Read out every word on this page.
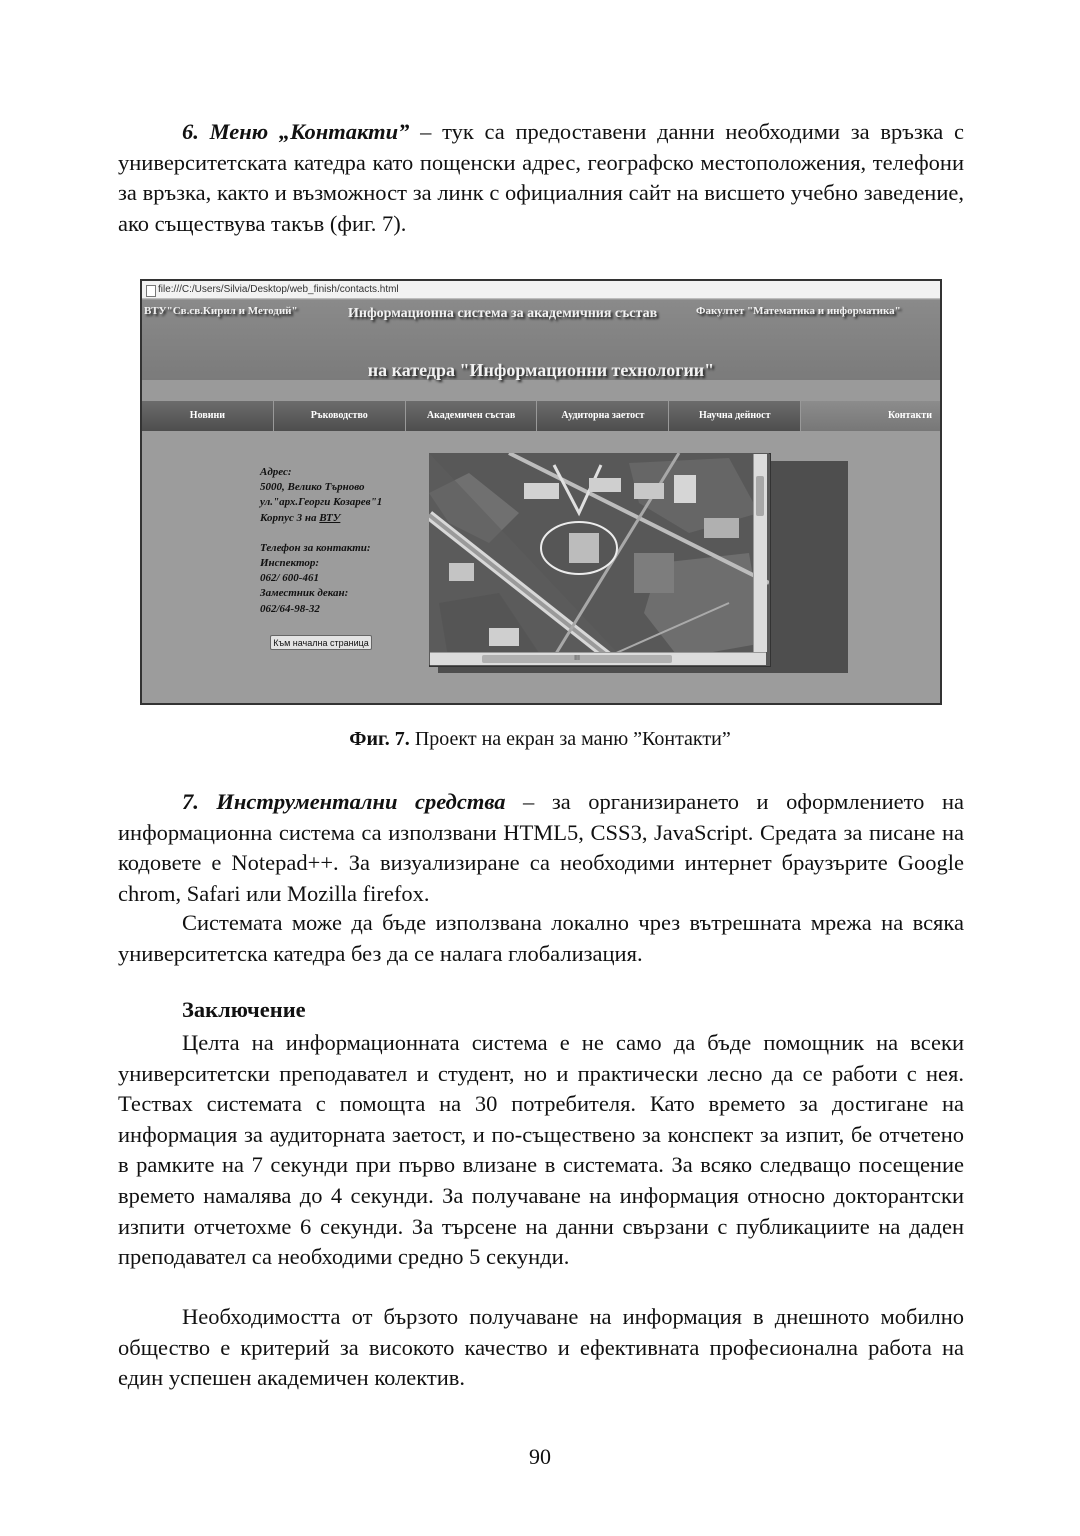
6. Меню „Контакти” – тук са предоставени данни необходими за връзка с университетската катедра като пощенски адрес, географско местоположения, телефони за връзка, както и възможност за линк с официалния сайт на висшето учебно заведение, ако съществува такъв (фиг. 7).

file:///C:/Users/Silvia/Desktop/web_finish/contacts.html
ВТУ"Св.св.Кирил и Методий"	Информационна система за академичния състав	Факултет "Математика и информатика"
на катедра "Информационни технологии"
Новини	Ръководство	Академичен състав	Аудиторна заетост	Научна дейност	Контакти
Адрес:
5000, Велико Търново
ул."арх.Георги Козарев"1
Корпус 3 на ВТУ
Телефон за контакти:
Инспектор:
062/ 600-461
Заместник декан:
062/64-98-32
Към начална страница
III

Фиг. 7. Проект на екран за маню ”Контакти”

7. Инструментални средства – за организирането и оформлението на информационна система са използвани HTML5, CSS3, JavaScript. Средата за писане на кодовете е Notepad++. За визуализиране са необходими интернет браузърите Google chrom, Safari или Mozilla firefox.

Системата може да бъде използвана локално чрез вътрешната мрежа на всяка университетска катедра без да се налага глобализация.

Заключение

Целта на информационната система е не само да бъде помощник на всеки университетски преподавател и студент, но и практически лесно да се работи с нея. Тествах системата с помощта на 30 потребителя. Като времето за достигане на информация за аудиторната заетост, и по-съществено за конспект за изпит, бе отчетено в рамките на 7 секунди при първо влизане в системата. За всяко следващо посещение времето намалява до 4 секунди. За получаване на информация относно докторантски изпити отчетохме 6 секунди. За търсене на данни свързани с публикациите на даден преподавател са необходими средно 5 секунди.

Необходимостта от бързото получаване на информация в днешното мобилно общество е критерий за високото качество и ефективната професионална работа на един успешен академичен колектив.

90
